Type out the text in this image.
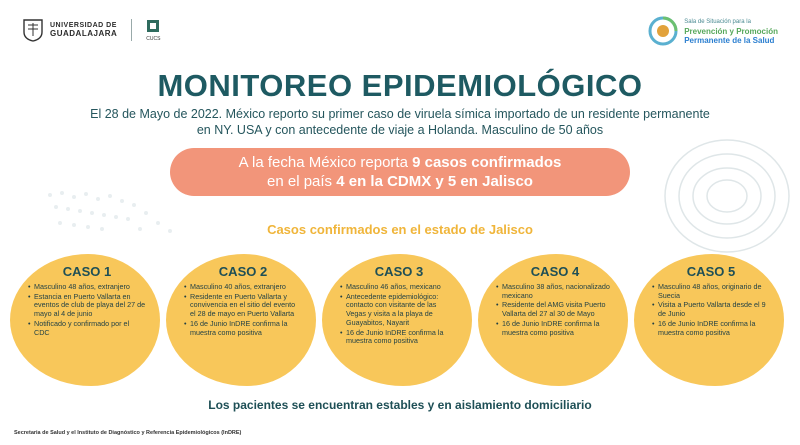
UNIVERSIDAD DE
GUADALAJARA
CUCS
Sala de Situación para la
Prevención y Promoción
Permanente de la Salud
MONITOREO EPIDEMIOLÓGICO
El 28 de Mayo de 2022. México reporto su primer caso de viruela símica importado de un residente permanente en NY. USA y con antecedente de viaje a Holanda. Masculino de 50 años
A la fecha México reporta 9 casos confirmados
en el país 4 en la CDMX y 5 en Jalisco
Casos confirmados en el estado de Jalisco
CASO 1
• Masculino 48 años, extranjero
• Estancia en Puerto Vallarta en eventos de club de playa del 27 de mayo al 4 de junio
• Notificado y confirmado por el CDC
CASO 2
• Masculino 40 años, extranjero
• Residente en Puerto Vallarta y convivencia en el sitio del evento el 28 de mayo en Puerto Vallarta
• 16 de Junio InDRE confirma la muestra como positiva
CASO 3
• Masculino 46 años, mexicano
• Antecedente epidemiológico: contacto con visitante de las Vegas y visita a la playa de Guayabitos, Nayarit
• 16 de Junio InDRE confirma la muestra como positiva
CASO 4
• Masculino 38 años, nacionalizado mexicano
• Residente del AMG visita Puerto Vallarta del 27 al 30 de Mayo
• 16 de Junio InDRE confirma la muestra como positiva
CASO 5
• Masculino 48 años, originario de Suecia
• Visita a Puerto Vallarta desde el 9 de Junio
• 16 de Junio InDRE confirma la muestra como positiva
Los pacientes se encuentran estables y en aislamiento domiciliario
Secretaria de Salud y el Instituto de Diagnóstico y Referencia Epidemiológicos (InDRE)
